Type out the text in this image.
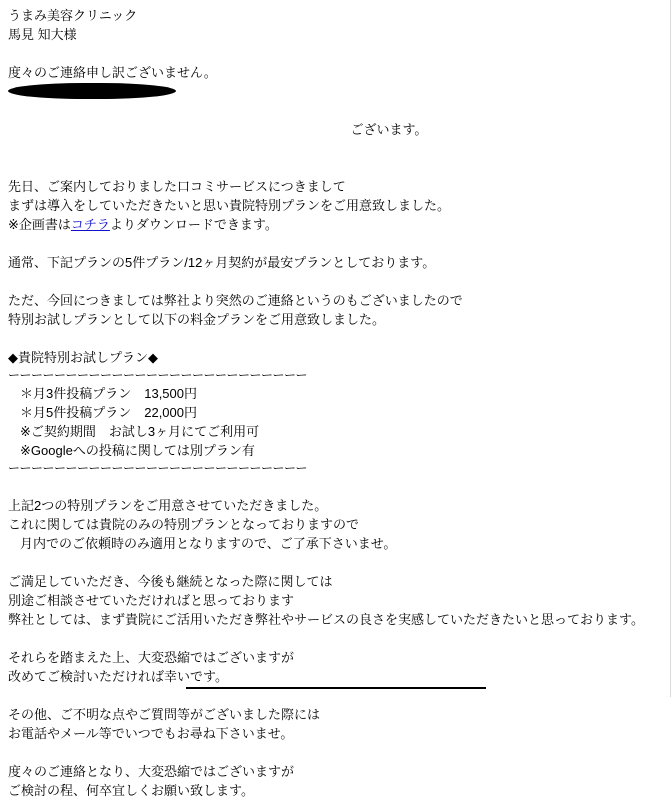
うまみ美容クリニック
馬見 知大様
度々のご連絡申し訳ございません。

ございます。

先日、ご案内しておりました口コミサービスにつきまして
まずは導入をしていただきたいと思い貴院特別プランをご用意致しました。
※企画書はコチラよりダウンロードできます。
通常、下記プランの5件プラン/12ヶ月契約が最安プランとしております。
ただ、今回につきましては弊社より突然のご連絡というのもございましたので
特別お試しプランとして以下の料金プランをご用意致しました。
◆貴院特別お試しプラン◆
ーーーーーーーーーーーーーーーーーーーーーーーーーー
＊月3件投稿プラン　13,500円
＊月5件投稿プラン　22,000円
※ご契約期間　お試し3ヶ月にてご利用可
※Googleへの投稿に関しては別プラン有
ーーーーーーーーーーーーーーーーーーーーーーーーーー
上記2つの特別プランをご用意させていただきました。
これに関しては貴院のみの特別プランとなっておりますので
月内でのご依頼時のみ適用となりますので、ご了承下さいませ。
ご満足していただき、今後も継続となった際に関しては
別途ご相談させていただければと思っております
弊社としては、まず貴院にご活用いただき弊社やサービスの良さを実感していただきたいと思っております。
それらを踏まえた上、大変恐縮ではございますが
改めてご検討いただければ幸いです。
その他、ご不明な点やご質問等がございました際には
お電話やメール等でいつでもお尋ね下さいませ。
度々のご連絡となり、大変恐縮ではございますが
ご検討の程、何卒宜しくお願い致します。
